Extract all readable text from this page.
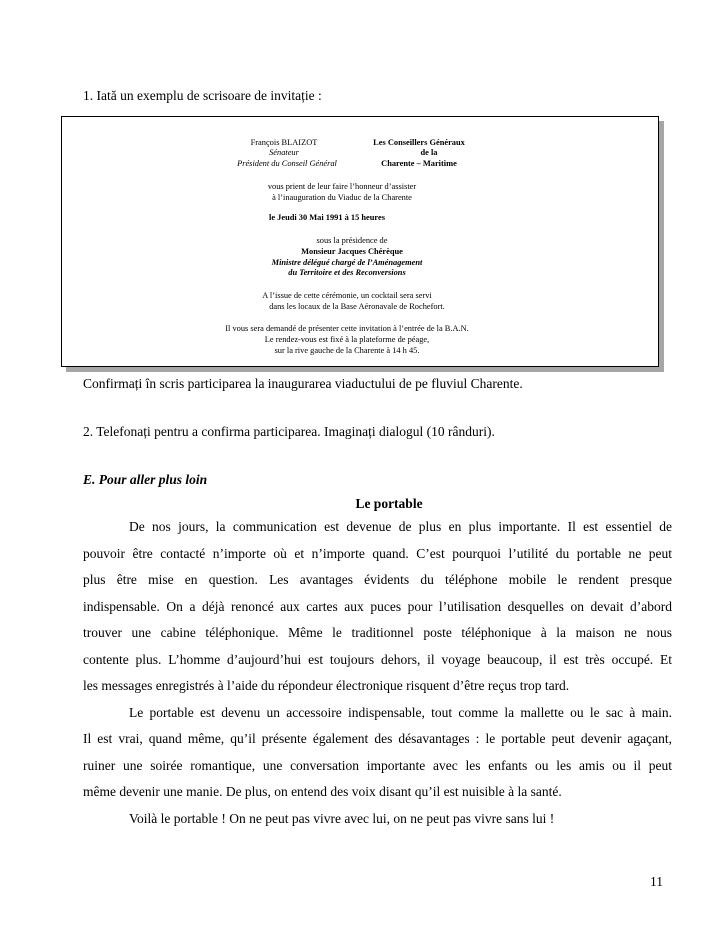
1. Iată un exemplu de scrisoare de invitație :
François BLAIZOT
Sénateur
Président du Conseil Général
Les Conseillers Généraux
de la
Charente – Maritime
vous prient de leur faire l’honneur d’assister
à l’inauguration du Viaduc de la Charente
le Jeudi 30 Mai 1991 à 15 heures
sous la présidence de
Monsieur Jacques Chérèque
Ministre délégué chargé de l’Aménagement
du Territoire et des Reconversions
A l’issue de cette cérémonie, un cocktail sera servi
dans les locaux de la Base Aéronavale de Rochefort.
Il vous sera demandé de présenter cette invitation à l’entrée de la B.A.N.
Le rendez-vous est fixé à la plateforme de péage,
sur la rive gauche de la Charente à 14 h 45.
Confirmați în scris participarea la inaugurarea viaductului de pe fluviul Charente.
2. Telefonați pentru a confirma participarea. Imaginați dialogul (10 rânduri).
E. Pour aller plus loin
Le portable
De nos jours, la communication est devenue de plus en plus importante. Il est essentiel de
pouvoir être contacté n’importe où et n’importe quand. C’est pourquoi l’utilité du portable ne peut
plus être mise en question. Les avantages évidents du téléphone mobile le rendent presque
indispensable. On a déjà renoncé aux cartes aux puces pour l’utilisation desquelles on devait d’abord
trouver une cabine téléphonique. Même le traditionnel poste téléphonique à la maison ne nous
contente plus. L’homme d’aujourd’hui est toujours dehors, il voyage beaucoup, il est très occupé. Et
les messages enregistrés à l’aide du répondeur électronique risquent d’être reçus trop tard.
Le portable est devenu un accessoire indispensable, tout comme la mallette ou le sac à main.
Il est vrai, quand même, qu’il présente également des désavantages : le portable peut devenir agaçant,
ruiner une soirée romantique, une conversation importante avec les enfants ou les amis ou il peut
même devenir une manie. De plus, on entend des voix disant qu’il est nuisible à la santé.
Voilà le portable ! On ne peut pas vivre avec lui, on ne peut pas vivre sans lui !
11
